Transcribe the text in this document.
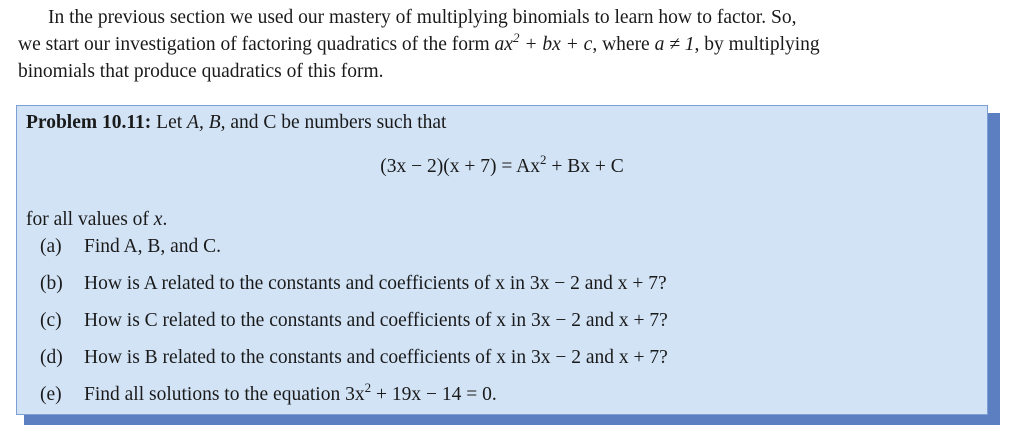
In the previous section we used our mastery of multiplying binomials to learn how to factor. So,
we start our investigation of factoring quadratics of the form $ax^2$ + bx + c, where a ≠ 1, by multiplying
binomials that produce quadratics of this form.
Problem 10.11: Let A, B, and C be numbers such that
$(3x - 2)(x + 7) = Ax^2 + Bx + C$
for all values of x.
(a) Find A, B, and C.
(b) How is A related to the constants and coefficients of x in 3x − 2 and x + 7?
(c) How is C related to the constants and coefficients of x in 3x − 2 and x + 7?
(d) How is B related to the constants and coefficients of x in 3x − 2 and x + 7?
(e) Find all solutions to the equation $3x^2 + 19x - 14 = 0$.
